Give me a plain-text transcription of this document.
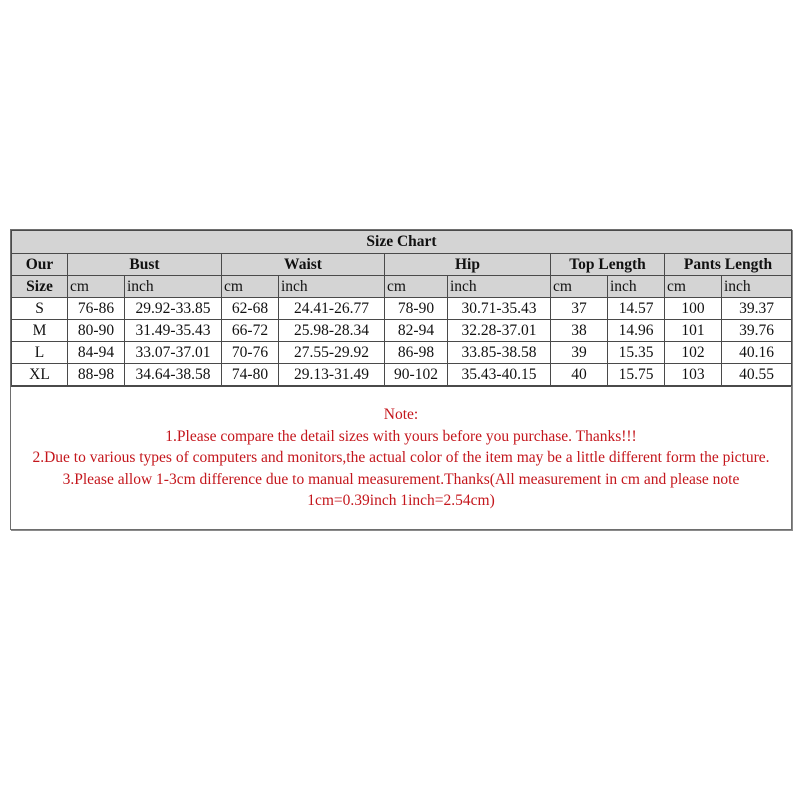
Size Chart										
Our	Bust		Waist		Hip		Top Length		Pants Length	
Size	cm	inch	cm	inch	cm	inch	cm	inch	cm	inch
S	76-86	29.92-33.85	62-68	24.41-26.77	78-90	30.71-35.43	37	14.57	100	39.37
M	80-90	31.49-35.43	66-72	25.98-28.34	82-94	32.28-37.01	38	14.96	101	39.76
L	84-94	33.07-37.01	70-76	27.55-29.92	86-98	33.85-38.58	39	15.35	102	40.16
XL	88-98	34.64-38.58	74-80	29.13-31.49	90-102	35.43-40.15	40	15.75	103	40.55
Note:
1.Please compare the detail sizes with yours before you purchase. Thanks!!!
2.Due to various types of computers and monitors,the actual color of the item may be a little different form the picture.
3.Please allow 1-3cm difference due to manual measurement.Thanks(All measurement in cm and please note 1cm=0.39inch 1inch=2.54cm)
